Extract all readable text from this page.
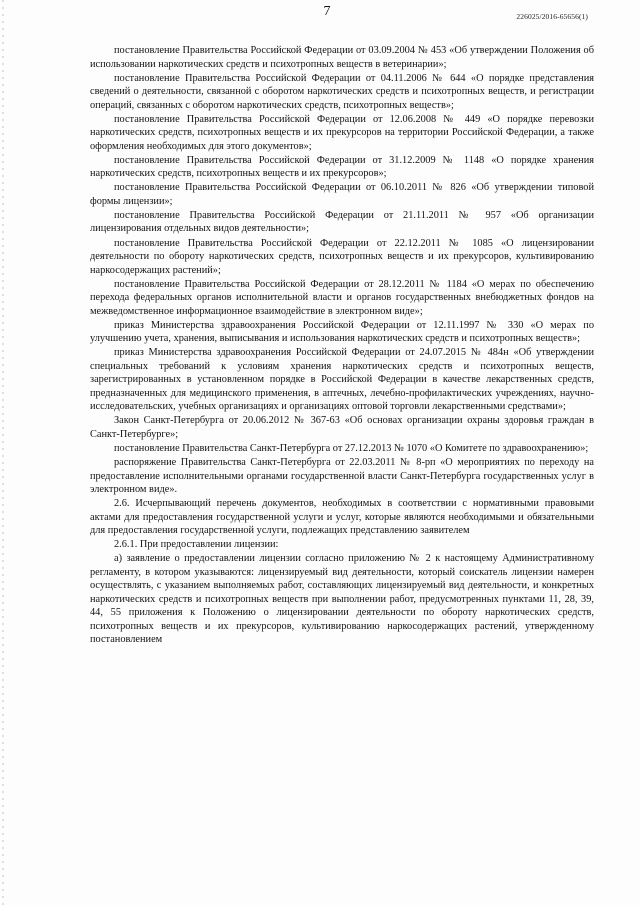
7	226025/2016-65656(1)

постановление Правительства Российской Федерации от 03.09.2004 № 453 «Об утверждении Положения об использовании наркотических средств и психотропных веществ в ветеринарии»;

постановление Правительства Российской Федерации от 04.11.2006 № 644 «О порядке представления сведений о деятельности, связанной с оборотом наркотических средств и психотропных веществ, и регистрации операций, связанных с оборотом наркотических средств, психотропных веществ»;

постановление Правительства Российской Федерации от 12.06.2008 № 449 «О порядке перевозки наркотических средств, психотропных веществ и их прекурсоров на территории Российской Федерации, а также оформления необходимых для этого документов»;

постановление Правительства Российской Федерации от 31.12.2009 № 1148 «О порядке хранения наркотических средств, психотропных веществ и их прекурсоров»;

постановление Правительства Российской Федерации от 06.10.2011 № 826 «Об утверждении типовой формы лицензии»;

постановление Правительства Российской Федерации от 21.11.2011 № 957 «Об организации лицензирования отдельных видов деятельности»;

постановление Правительства Российской Федерации от 22.12.2011 № 1085 «О лицензировании деятельности по обороту наркотических средств, психотропных веществ и их прекурсоров, культивированию наркосодержащих растений»;

постановление Правительства Российской Федерации от 28.12.2011 № 1184 «О мерах по обеспечению перехода федеральных органов исполнительной власти и органов государственных внебюджетных фондов на межведомственное информационное взаимодействие в электронном виде»;

приказ Министерства здравоохранения Российской Федерации от 12.11.1997 № 330 «О мерах по улучшению учета, хранения, выписывания и использования наркотических средств и психотропных веществ»;

приказ Министерства здравоохранения Российской Федерации от 24.07.2015 № 484н «Об утверждении специальных требований к условиям хранения наркотических средств и психотропных веществ, зарегистрированных в установленном порядке в Российской Федерации в качестве лекарственных средств, предназначенных для медицинского применения, в аптечных, лечебно-профилактических учреждениях, научно-исследовательских, учебных организациях и организациях оптовой торговли лекарственными средствами»;

Закон Санкт-Петербурга от 20.06.2012 № 367-63 «Об основах организации охраны здоровья граждан в Санкт-Петербурге»;

постановление Правительства Санкт-Петербурга от 27.12.2013 № 1070 «О Комитете по здравоохранению»;

распоряжение Правительства Санкт-Петербурга от 22.03.2011 № 8-рп «О мероприятиях по переходу на предоставление исполнительными органами государственной власти Санкт-Петербурга государственных услуг в электронном виде».

2.6. Исчерпывающий перечень документов, необходимых в соответствии с нормативными правовыми актами для предоставления государственной услуги и услуг, которые являются необходимыми и обязательными для предоставления государственной услуги, подлежащих представлению заявителем

2.6.1. При предоставлении лицензии:

а) заявление о предоставлении лицензии согласно приложению № 2 к настоящему Административному регламенту, в котором указываются: лицензируемый вид деятельности, который соискатель лицензии намерен осуществлять, с указанием выполняемых работ, составляющих лицензируемый вид деятельности, и конкретных наркотических средств и психотропных веществ при выполнении работ, предусмотренных пунктами 11, 28, 39, 44, 55 приложения к Положению о лицензировании деятельности по обороту наркотических средств, психотропных веществ и их прекурсоров, культивированию наркосодержащих растений, утвержденному постановлением
